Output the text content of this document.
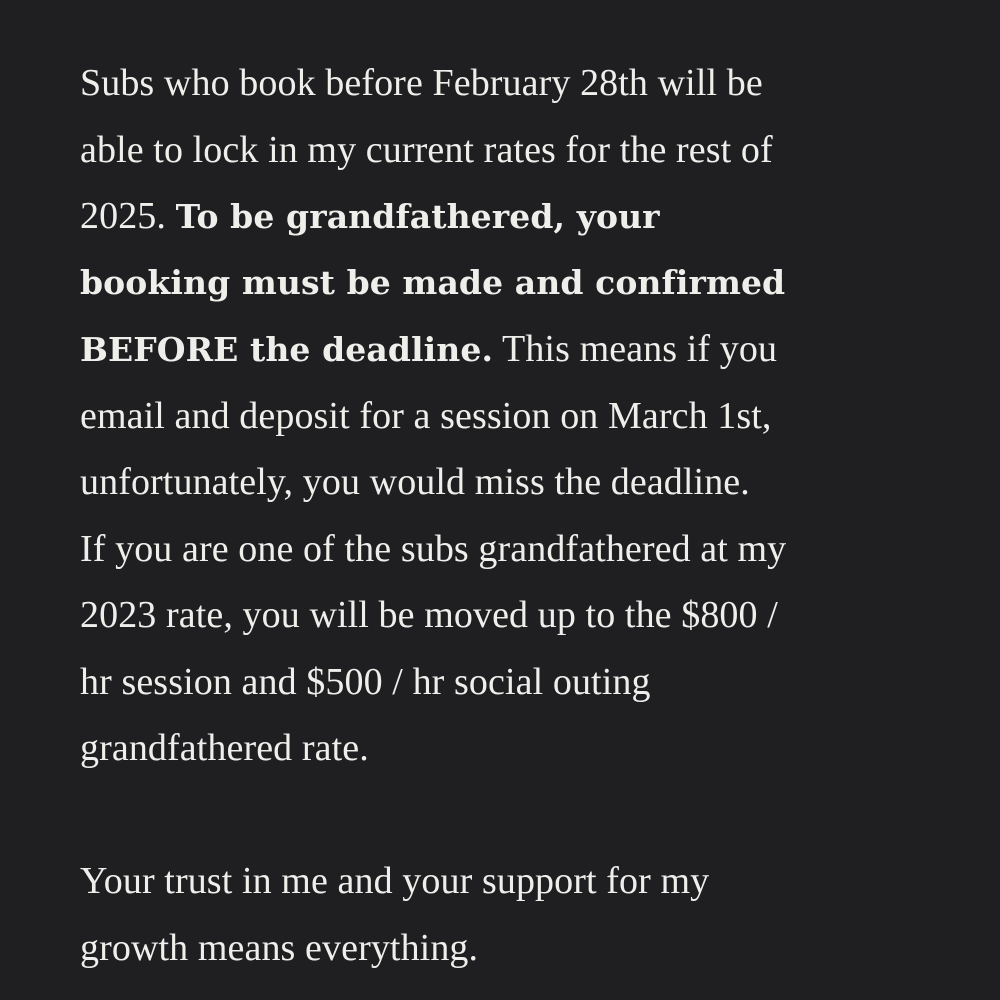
Subs who book before February 28th will be
able to lock in my current rates for the rest of
2025. To be grandfathered, your
booking must be made and confirmed
BEFORE the deadline. This means if you
email and deposit for a session on March 1st,
unfortunately, you would miss the deadline.
If you are one of the subs grandfathered at my
2023 rate, you will be moved up to the $800 /
hr session and $500 / hr social outing
grandfathered rate.
Your trust in me and your support for my
growth means everything.
